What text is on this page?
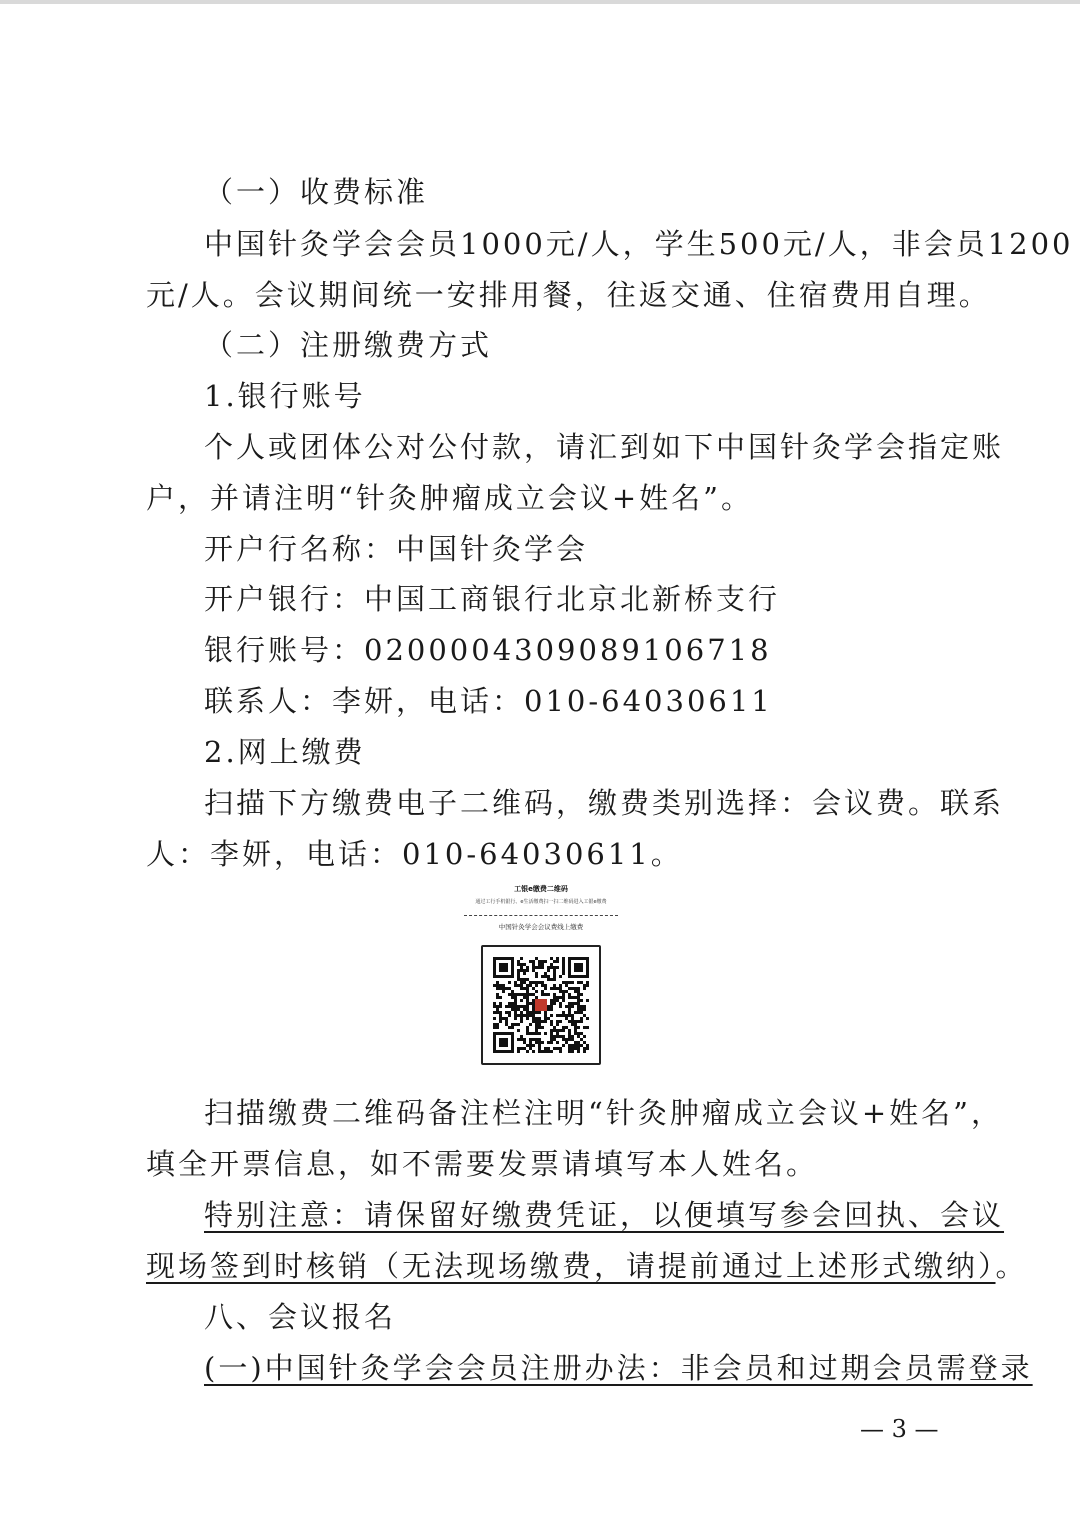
（一）收费标准
中国针灸学会会员1000元/人，学生500元/人，非会员1200
元/人。会议期间统一安排用餐，往返交通、住宿费用自理。
（二）注册缴费方式
1.银行账号
个人或团体公对公付款，请汇到如下中国针灸学会指定账
户，并请注明“针灸肿瘤成立会议+姓名”。
开户行名称：中国针灸学会
开户银行：中国工商银行北京北新桥支行
银行账号：0200004309089106718
联系人：李妍，电话：010-64030611
2.网上缴费
扫描下方缴费电子二维码，缴费类别选择：会议费。联系
人：李妍，电话：010-64030611。
工银e缴费二维码
通过工行手机银行、e生活缴费扫一扫二维码进入工银e缴费
中国针灸学会会议费线上缴费
扫描缴费二维码备注栏注明“针灸肿瘤成立会议+姓名”，
填全开票信息，如不需要发票请填写本人姓名。
特别注意：请保留好缴费凭证，以便填写参会回执、会议
现场签到时核销（无法现场缴费，请提前通过上述形式缴纳）。
八、会议报名
(一)中国针灸学会会员注册办法：非会员和过期会员需登录
— 3 —
